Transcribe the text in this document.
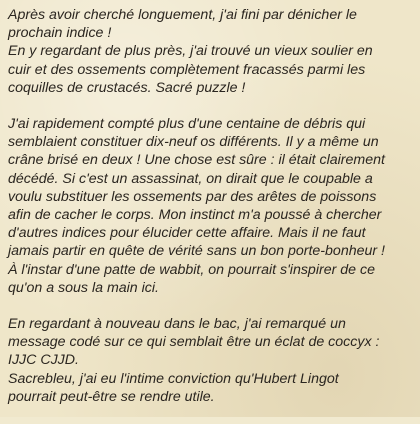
Après avoir cherché longuement, j'ai fini par dénicher le
prochain indice !
En y regardant de plus près, j'ai trouvé un vieux soulier en
cuir et des ossements complètement fracassés parmi les
coquilles de crustacés. Sacré puzzle !

J'ai rapidement compté plus d'une centaine de débris qui
semblaient constituer dix-neuf os différents. Il y a même un
crâne brisé en deux ! Une chose est sûre : il était clairement
décédé. Si c'est un assassinat, on dirait que le coupable a
voulu substituer les ossements par des arêtes de poissons
afin de cacher le corps. Mon instinct m'a poussé à chercher
d'autres indices pour élucider cette affaire. Mais il ne faut
jamais partir en quête de vérité sans un bon porte-bonheur !
À l'instar d'une patte de wabbit, on pourrait s'inspirer de ce
qu'on a sous la main ici.

En regardant à nouveau dans le bac, j'ai remarqué un
message codé sur ce qui semblait être un éclat de coccyx :
IJJC CJJD.
Sacrebleu, j'ai eu l'intime conviction qu'Hubert Lingot
pourrait peut-être se rendre utile.
